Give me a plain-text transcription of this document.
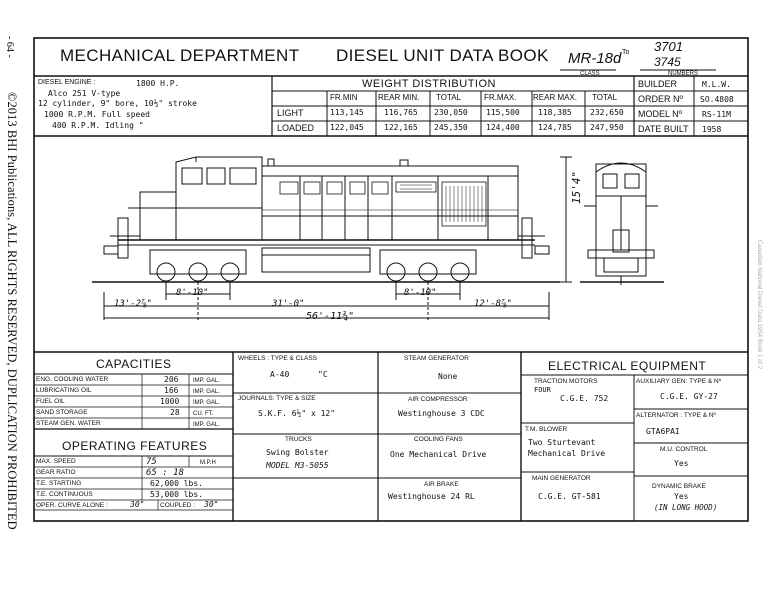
- 64 -
©2013 BHI Publications, ALL RIGHTS RESERVED, DUPLICATION PROHIBITED	Canadian National Diesel Data 1954 Book 1 of 2
MECHANICAL DEPARTMENT DIESEL UNIT DATA BOOK MR-18d
CLASS
To 3701
3745
NUMBERS
DIESEL ENGINE :	1800 H.P.
Alco 251 V-type
12 cylinder, 9" bore, 10½" stroke
1000 R.P.M. Full speed
400 R.P.M. Idling "
WEIGHT DISTRIBUTION
FR.MIN	REAR MIN. TOTAL	FR.MAX. REAR MAX. TOTAL
LIGHT	113,145	116,765 230,050 115,500 118,385 232,650
LOADED 122,045	122,165 245,350 124,400 124,785 247,950
BUILDER	M.L.W.
ORDER Nº SO.4808
MODEL Nº	RS-11M
DATE BUILT 1958
13'-2⅞"
8'-10"
31'-0"
8'-10"
12'-8⅞"
56'-11¾"
15'4"
CAPACITIES
ENG. COOLING WATER	206 IMP. GAL.
LUBRICATING OIL	166 IMP. GAL.
FUEL OIL	1000 IMP. GAL.
SAND STORAGE	28 CU. FT.
STEAM GEN. WATER	IMP. GAL.
OPERATING FEATURES
MAX. SPEED	75	M.P.H
GEAR RATIO	65 : 18
T.E. STARTING	62,000 lbs.
T.E. CONTINUOUS	53,000 lbs.
OPER. CURVE ALONE :	30" COUPLED : 30"
WHEELS : TYPE & CLASS
A-40	"C
JOURNALS: TYPE & SIZE
S.K.F. 6½" x 12"
TRUCKS
Swing Bolster
MODEL M3-5055
STEAM GENERATOR
None
AIR COMPRESSOR
Westinghouse 3 CDC
COOLING FANS
One Mechanical Drive
AIR BRAKE
Westinghouse 24 RL
ELECTRICAL EQUIPMENT
TRACTION MOTORS
FOUR
C.G.E. 752
T.M. BLOWER
Two Sturtevant
Mechanical Drive
MAIN GENERATOR
C.G.E. GT-581
AUXILIARY GEN: TYPE & Nº
C.G.E. GY-27
ALTERNATOR : TYPE & Nº
GTA6PAI
M.U. CONTROL
Yes
DYNAMIC BRAKE
Yes
(IN LONG HOOD)
